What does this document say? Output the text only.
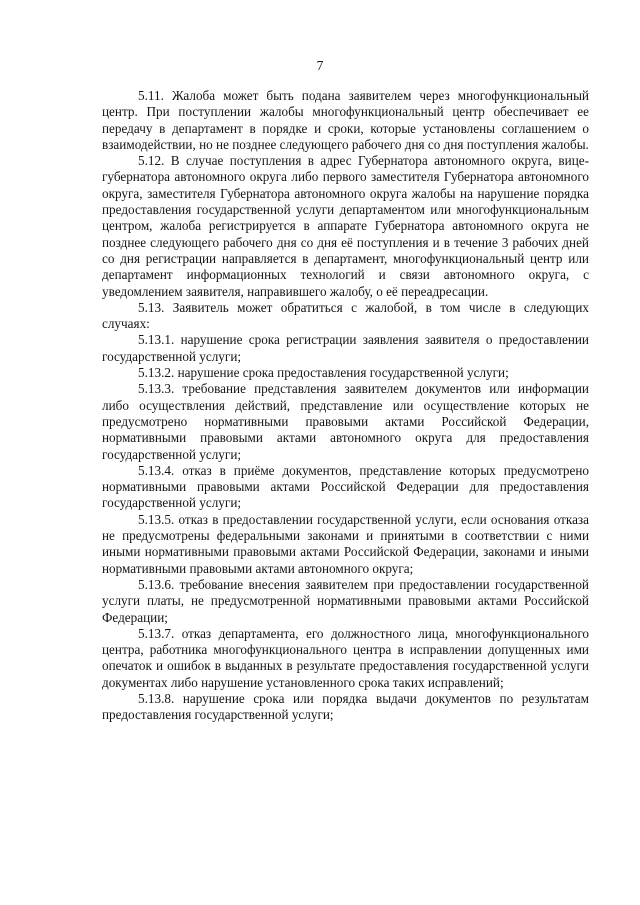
7

5.11. Жалоба может быть подана заявителем через многофункциональный центр. При поступлении жалобы многофункциональный центр обеспечивает ее передачу в департамент в порядке и сроки, которые установлены соглашением о взаимодействии, но не позднее следующего рабочего дня со дня поступления жалобы.

5.12. В случае поступления в адрес Губернатора автономного округа, вице-губернатора автономного округа либо первого заместителя Губернатора автономного округа, заместителя Губернатора автономного округа жалобы на нарушение порядка предоставления государственной услуги департаментом или многофункциональным центром, жалоба регистрируется в аппарате Губернатора автономного округа не позднее следующего рабочего дня со дня её поступления и в течение 3 рабочих дней со дня регистрации направляется в департамент, многофункциональный центр или департамент информационных технологий и связи автономного округа, с уведомлением заявителя, направившего жалобу, о её переадресации.

5.13. Заявитель может обратиться с жалобой, в том числе в следующих случаях:

5.13.1. нарушение срока регистрации заявления заявителя о предоставлении государственной услуги;

5.13.2. нарушение срока предоставления государственной услуги;

5.13.3. требование представления заявителем документов или информации либо осуществления действий, представление или осуществление которых не предусмотрено нормативными правовыми актами Российской Федерации, нормативными правовыми актами автономного округа для предоставления государственной услуги;

5.13.4. отказ в приёме документов, представление которых предусмотрено нормативными правовыми актами Российской Федерации для предоставления государственной услуги;

5.13.5. отказ в предоставлении государственной услуги, если основания отказа не предусмотрены федеральными законами и принятыми в соответствии с ними иными нормативными правовыми актами Российской Федерации, законами и иными нормативными правовыми актами автономного округа;

5.13.6. требование внесения заявителем при предоставлении государственной услуги платы, не предусмотренной нормативными правовыми актами Российской Федерации;

5.13.7. отказ департамента, его должностного лица, многофункционального центра, работника многофункционального центра в исправлении допущенных ими опечаток и ошибок в выданных в результате предоставления государственной услуги документах либо нарушение установленного срока таких исправлений;

5.13.8. нарушение срока или порядка выдачи документов по результатам предоставления государственной услуги;
